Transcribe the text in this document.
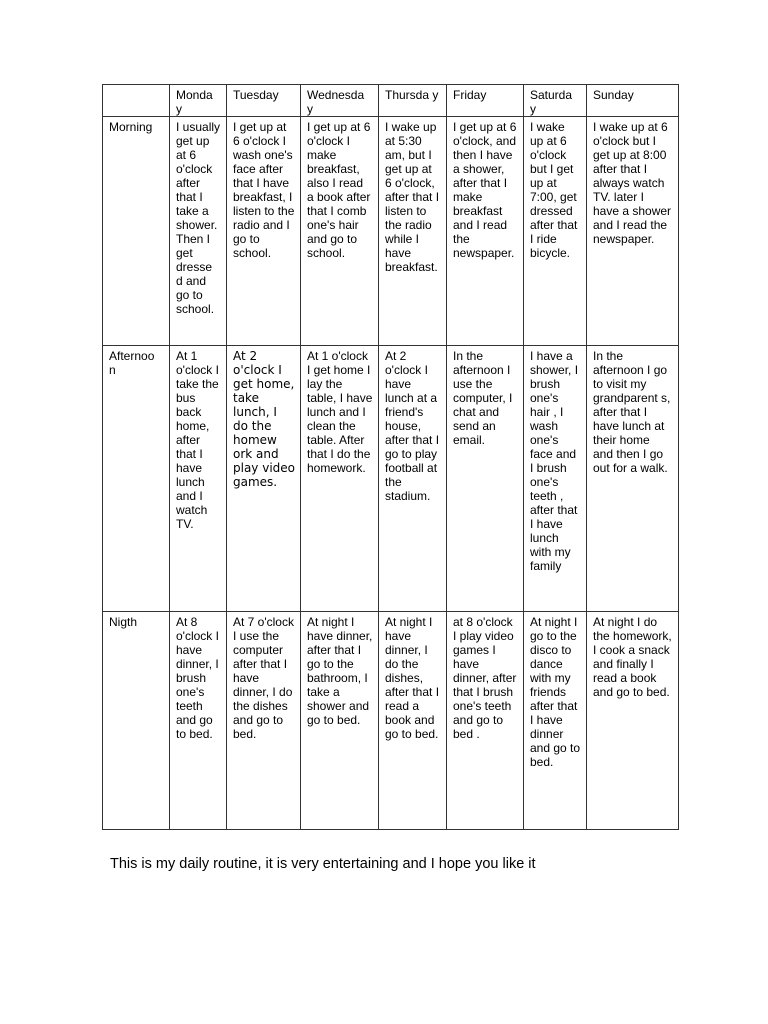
	Monda y	Tuesday	Wednesda y	Thursda y	Friday	Saturda y	Sunday
Morning	I usually get up at 6 o'clock after that I take a shower. Then I get dresse d and go to school.	I get up at 6 o'clock I wash one's face after that I have breakfast, I listen to the radio and I go to school.	I get up at 6 o'clock I make breakfast, also I read a book after that I comb one's hair and go to school.	I wake up at 5:30 am, but I get up at 6 o'clock, after that I listen to the radio while I have breakfast.	I get up at 6 o'clock, and then I have a shower, after that I make breakfast and I read the newspaper.	I wake up at 6 o'clock but I get up at 7:00, get dressed after that I ride bicycle.	I wake up at 6 o'clock but I get up at 8:00 after that I always watch TV. later I have a shower and I read the newspaper.
Afternoo n	At 1 o'clock I take the bus back home, after that I have lunch and I watch TV.	At 2 o'clock I get home, take lunch, I do the homew ork and play video games.	At 1 o'clock I get home I lay the table, I have lunch and I clean the table. After that I do the homework.	At 2 o'clock I have lunch at a friend's house, after that I go to play football at the stadium.	In the afternoon I use the computer, I chat and send an email.	I have a shower, I brush one's hair , I wash one's face and I brush one's teeth , after that I have lunch with my family	In the afternoon I go to visit my grandparent s, after that I have lunch at their home and then I go out for a walk.
Nigth	At 8 o'clock I have dinner, I brush one's teeth and go to bed.	At 7 o'clock I use the computer after that I have dinner, I do the dishes and go to bed.	At night I have dinner, after that I go to the bathroom, I take a shower and go to bed.	At night I have dinner, I do the dishes, after that I read a book and go to bed.	at 8 o'clock I play video games I have dinner, after that I brush one's teeth and go to bed .	At night I go to the disco to dance with my friends after that I have dinner and go to bed.	At night I do the homework, I cook a snack and finally I read a book and go to bed.
This is my daily routine, it is very entertaining and I hope you like it
